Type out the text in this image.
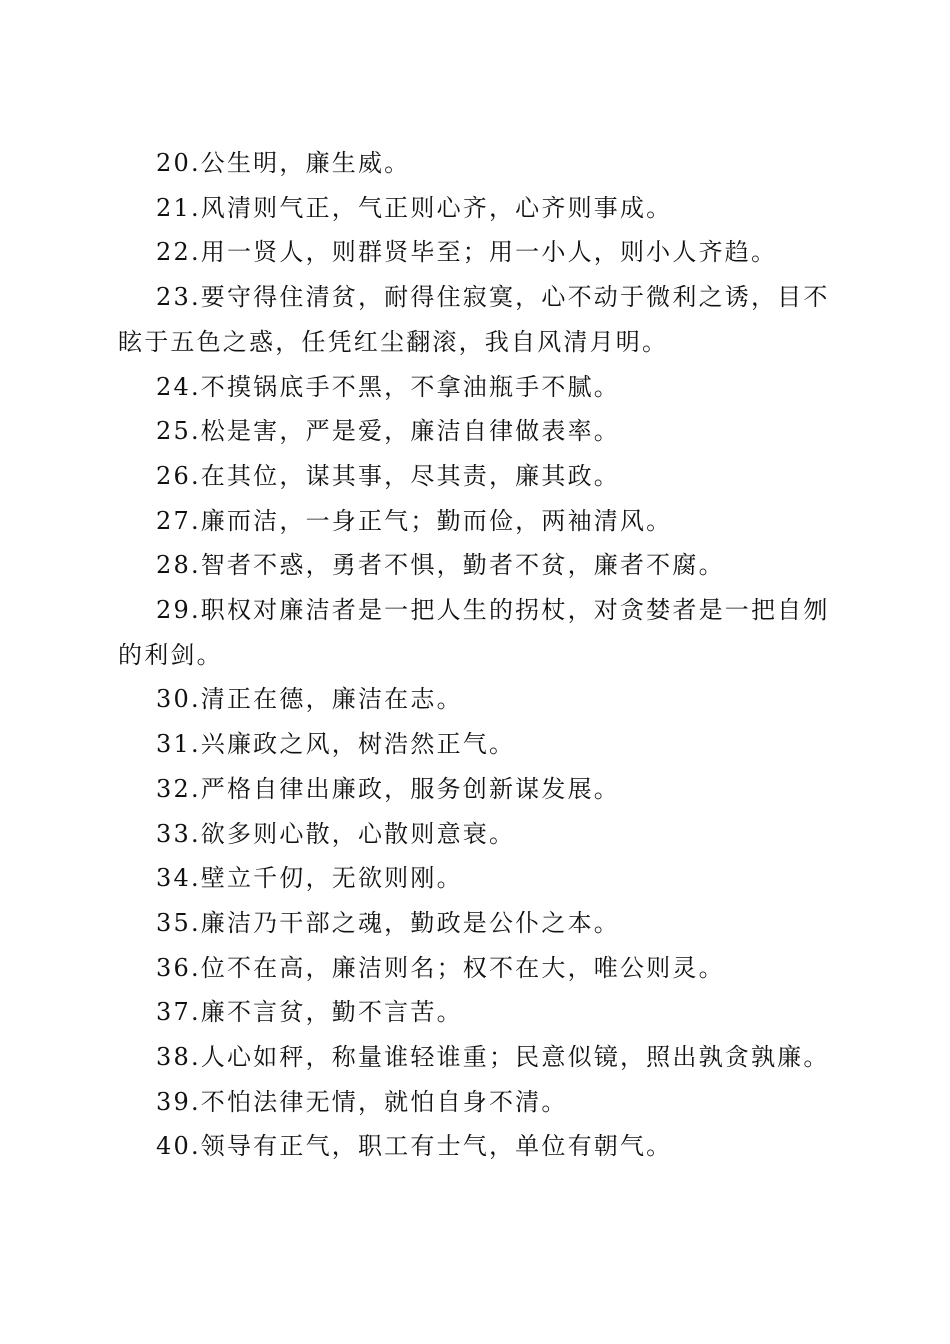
20.公生明，廉生威。

21.风清则气正，气正则心齐，心齐则事成。

22.用一贤人，则群贤毕至；用一小人，则小人齐趋。

23.要守得住清贫，耐得住寂寞，心不动于微利之诱，目不眩于五色之惑，任凭红尘翻滚，我自风清月明。

24.不摸锅底手不黑，不拿油瓶手不腻。

25.松是害，严是爱，廉洁自律做表率。

26.在其位，谋其事，尽其责，廉其政。

27.廉而洁，一身正气；勤而俭，两袖清风。

28.智者不惑，勇者不惧，勤者不贫，廉者不腐。

29.职权对廉洁者是一把人生的拐杖，对贪婪者是一把自刎的利剑。

30.清正在德，廉洁在志。

31.兴廉政之风，树浩然正气。

32.严格自律出廉政，服务创新谋发展。

33.欲多则心散，心散则意衰。

34.壁立千仞，无欲则刚。

35.廉洁乃干部之魂，勤政是公仆之本。

36.位不在高，廉洁则名；权不在大，唯公则灵。

37.廉不言贫，勤不言苦。

38.人心如秤，称量谁轻谁重；民意似镜，照出孰贪孰廉。

39.不怕法律无情，就怕自身不清。

40.领导有正气，职工有士气，单位有朝气。
